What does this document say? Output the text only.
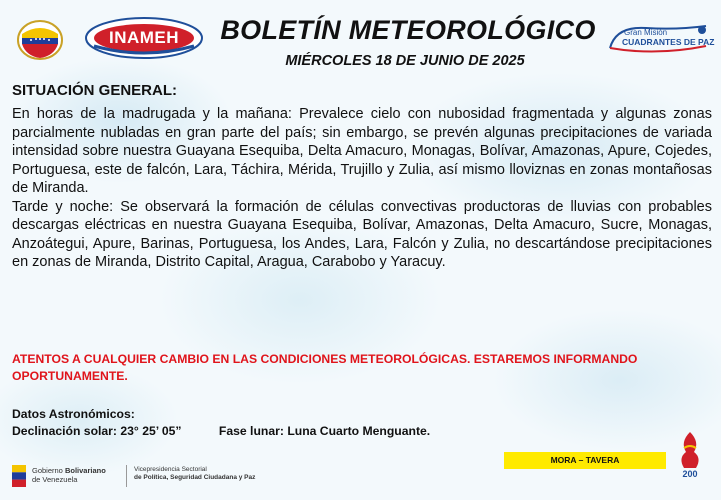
INAMEH	BOLETÍN METEOROLÓGICO
MIÉRCOLES 18 DE JUNIO DE 2025
Gran Misión
CUADRANTES DE PAZ
SITUACIÓN GENERAL:

En horas de la madrugada y la mañana: Prevalece cielo con nubosidad fragmentada y algunas zonas parcialmente nubladas en gran parte del país; sin embargo, se prevén algunas precipitaciones de variada intensidad sobre nuestra Guayana Esequiba, Delta Amacuro, Monagas, Bolívar, Amazonas, Apure, Cojedes, Portuguesa, este de falcón, Lara, Táchira, Mérida, Trujillo y Zulia, así mismo lloviznas en zonas montañosas de Miranda.

Tarde y noche: Se observará la formación de células convectivas productoras de lluvias con probables descargas eléctricas en nuestra Guayana Esequiba, Bolívar, Amazonas, Delta Amacuro, Sucre, Monagas, Anzoátegui, Apure, Barinas, Portuguesa, los Andes, Lara, Falcón y Zulia, no descartándose precipitaciones en zonas de Miranda, Distrito Capital, Aragua, Carabobo y Yaracuy.

ATENTOS A CUALQUIER CAMBIO EN LAS CONDICIONES METEOROLÓGICAS. ESTAREMOS INFORMANDO OPORTUNAMENTE.
Datos Astronómicos:
Declinación solar: 23° 25’ 05”	Fase lunar: Luna Cuarto Menguante.
MORA – TAVERA
Gobierno Bolivariano
de Venezuela
Vicepresidencia Sectorial
de Política, Seguridad Ciudadana y Paz	200
